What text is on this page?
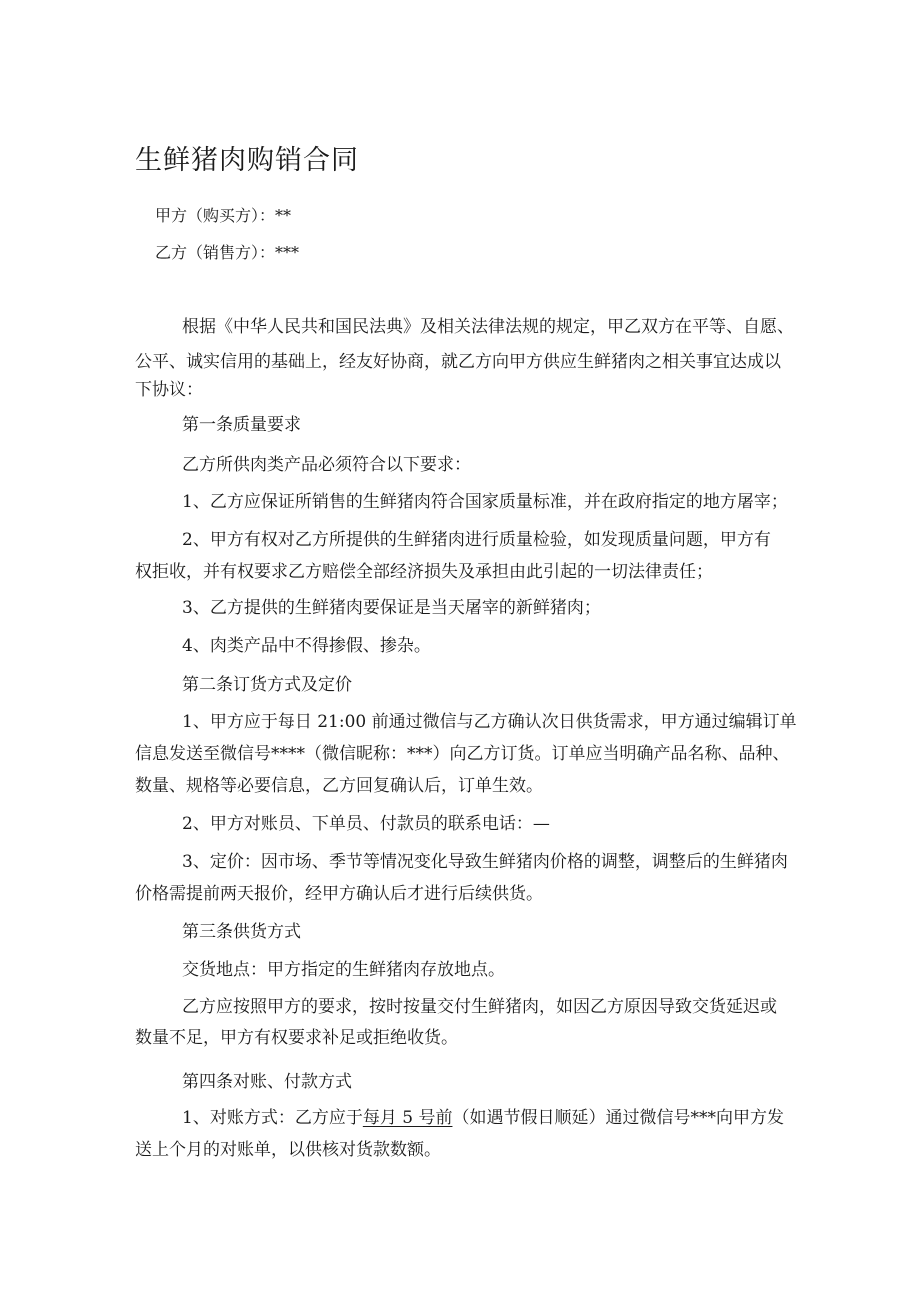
生鲜猪肉购销合同
甲方（购买方）：**
乙方（销售方）：***
根据《中华人民共和国民法典》及相关法律法规的规定，甲乙双方在平等、自愿、
公平、诚实信用的基础上，经友好协商，就乙方向甲方供应生鲜猪肉之相关事宜达成以
下协议：
第一条质量要求
乙方所供肉类产品必须符合以下要求：
1、乙方应保证所销售的生鲜猪肉符合国家质量标准，并在政府指定的地方屠宰；
2、甲方有权对乙方所提供的生鲜猪肉进行质量检验，如发现质量问题，甲方有
权拒收，并有权要求乙方赔偿全部经济损失及承担由此引起的一切法律责任；
3、乙方提供的生鲜猪肉要保证是当天屠宰的新鲜猪肉；
4、肉类产品中不得掺假、掺杂。
第二条订货方式及定价
1、甲方应于每日 21:00 前通过微信与乙方确认次日供货需求，甲方通过编辑订单
信息发送至微信号****（微信昵称：***）向乙方订货。订单应当明确产品名称、品种、
数量、规格等必要信息，乙方回复确认后，订单生效。
2、甲方对账员、下单员、付款员的联系电话：—
3、定价：因市场、季节等情况变化导致生鲜猪肉价格的调整，调整后的生鲜猪肉
价格需提前两天报价，经甲方确认后才进行后续供货。
第三条供货方式
交货地点：甲方指定的生鲜猪肉存放地点。
乙方应按照甲方的要求，按时按量交付生鲜猪肉，如因乙方原因导致交货延迟或
数量不足，甲方有权要求补足或拒绝收货。
第四条对账、付款方式
1、对账方式：乙方应于每月 5 号前（如遇节假日顺延）通过微信号***向甲方发
送上个月的对账单，以供核对货款数额。
